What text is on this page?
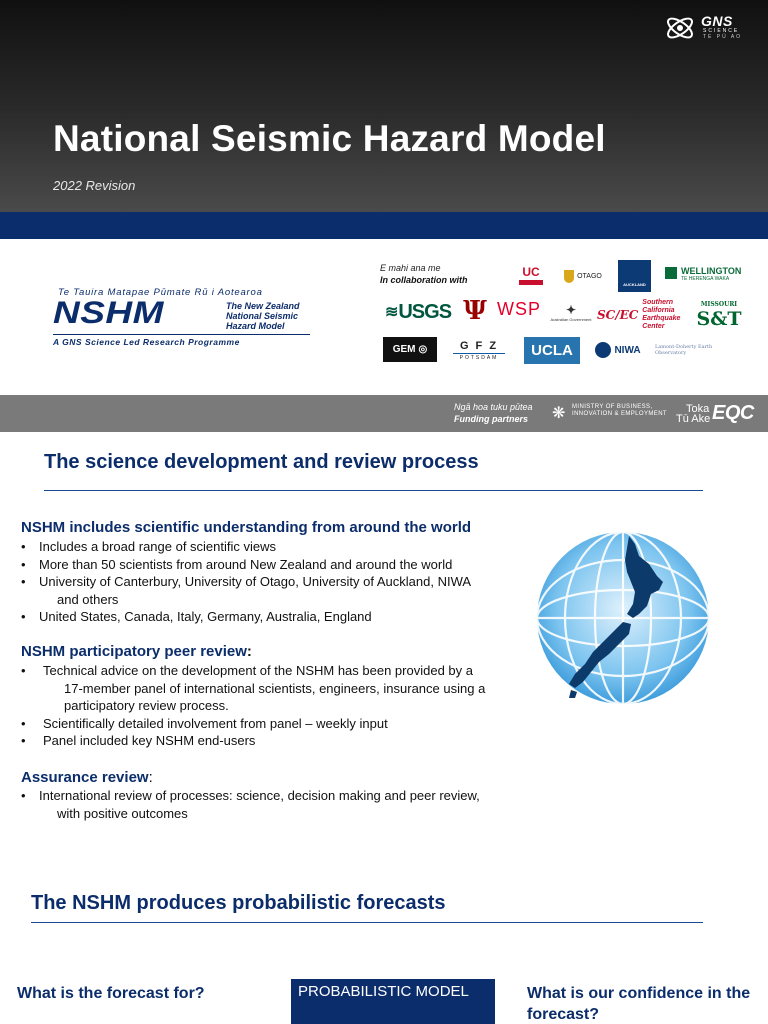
National Seismic Hazard Model
2022 Revision
GNS
SCIENCE
TE PŪ AO
Te Tauira Matapae Pūmate Rū i Aotearoa
NSHM	The New Zealand
National Seismic
Hazard Model
A GNS Science Led Research Programme
E mahi ana me
In collaboration with
UC	OTAGO
AUCKLAND
WELLINGTON
TE HERENGA WAKA
≋ USGS Ψ WSP ✦
Australian Government SC/EC
Southern California Earthquake Center
MISSOURI
S&T
GEM ◎	G F Z
POTSDAM UCLA	NIWA	Lamont-Doherty Earth Observatory
Ngā hoa tuku pūtea
Funding partners ❋ MINISTRY OF BUSINESS, INNOVATION & EMPLOYMENT	Toka
Tū Ake EQC
The science development and review process
NSHM includes scientific understanding from around the world
• Includes a broad range of scientific views
• More than 50 scientists from around New Zealand and around the world
• University of Canterbury, University of Otago, University of Auckland, NIWA
and others
• United States, Canada, Italy, Germany, Australia, England
NSHM participatory peer review:
• Technical advice on the development of the NSHM has been provided by a
17-member panel of international scientists, engineers, insurance using a
participatory review process.
• Scientifically detailed involvement from panel – weekly input
• Panel included key NSHM end-users
Assurance review:
• International review of processes: science, decision making and peer review,
with positive outcomes
The NSHM produces probabilistic forecasts
What is the forecast for?	PROBABILISTIC MODEL	What is our confidence in the forecast?
